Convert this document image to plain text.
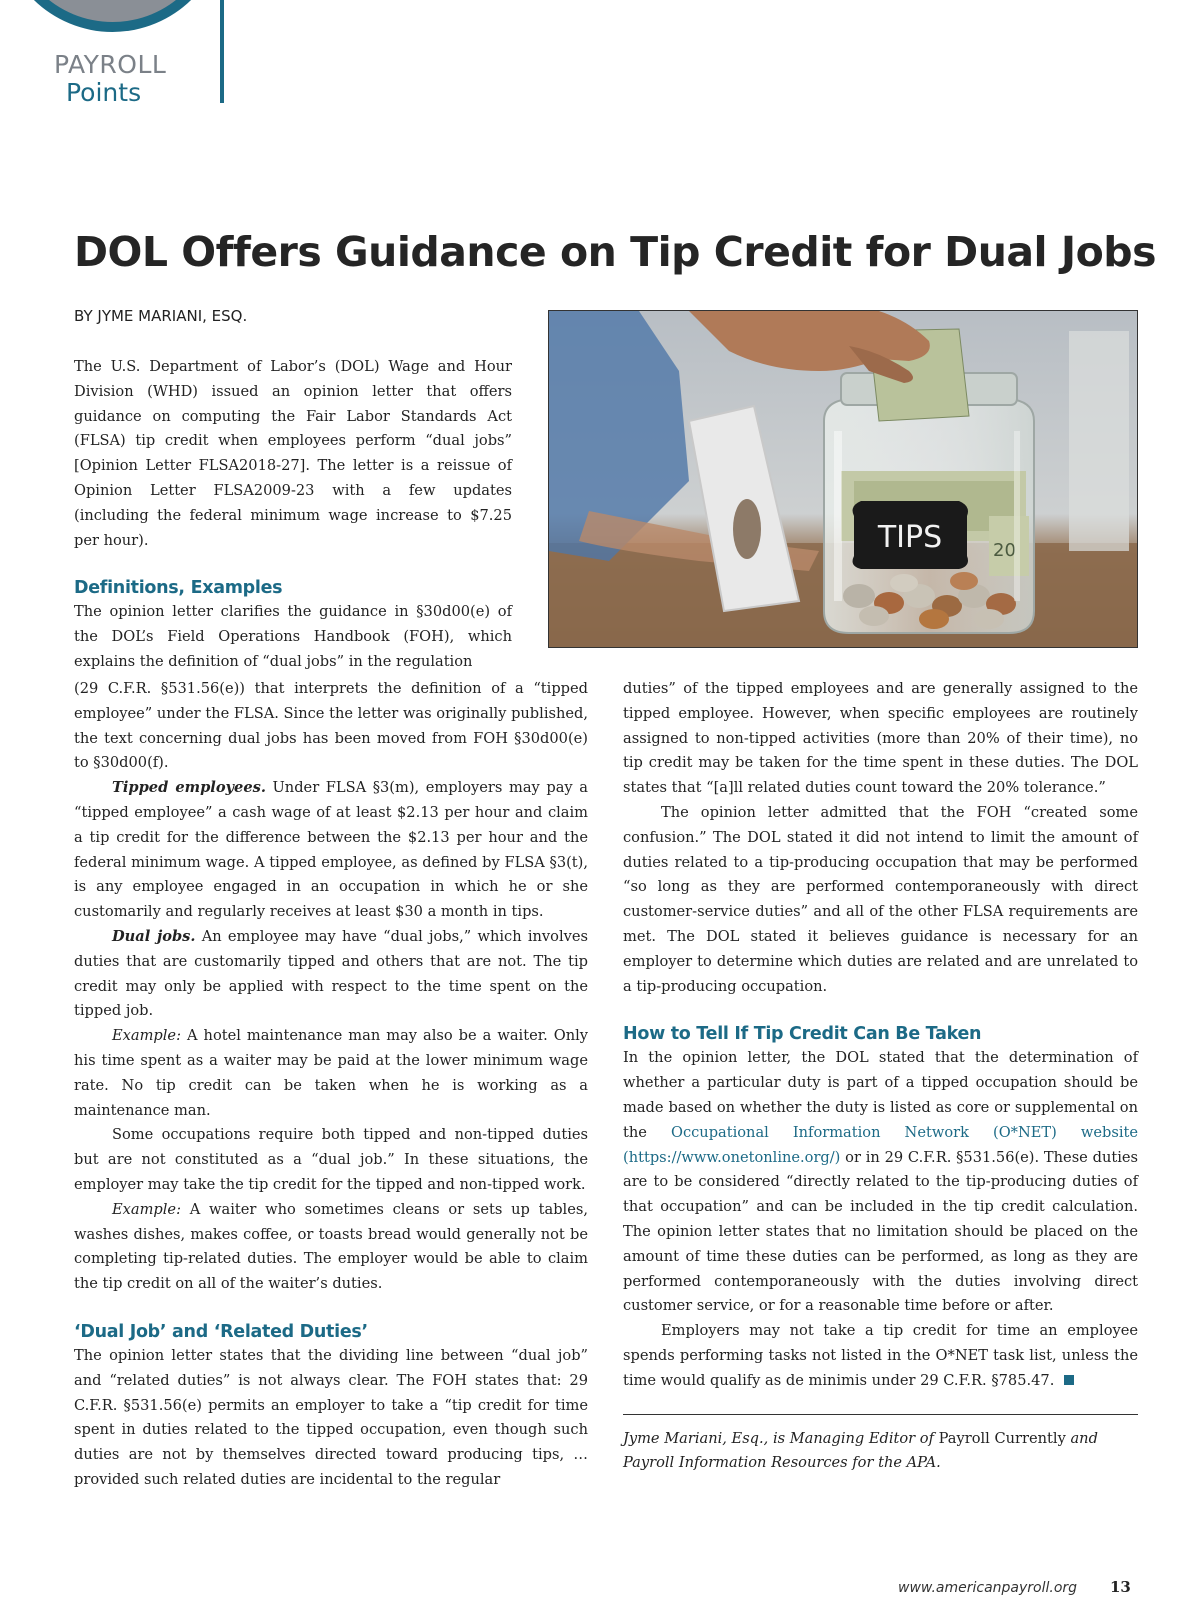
PAYROLL
Points
DOL Offers Guidance on Tip Credit for Dual Jobs
BY JYME MARIANI, ESQ.
20
TIPS

The U.S. Department of Labor’s (DOL) Wage and Hour Division (WHD) issued an opinion letter that offers guidance on computing the Fair Labor Standards Act (FLSA) tip credit when employees perform “dual jobs” [Opinion Letter FLSA2018-27]. The letter is a reissue of Opinion Letter FLSA2009-23 with a few updates (including the federal minimum wage increase to $7.25 per hour).

Definitions, Examples

The opinion letter clarifies the guidance in §30d00(e) of the DOL’s Field Operations Handbook (FOH), which explains the definition of “dual jobs” in the regulation

(29 C.F.R. §531.56(e)) that interprets the definition of a “tipped employee” under the FLSA. Since the letter was originally published, the text concerning dual jobs has been moved from FOH §30d00(e) to §30d00(f).

Tipped employees. Under FLSA §3(m), employers may pay a “tipped employee” a cash wage of at least $2.13 per hour and claim a tip credit for the difference between the $2.13 per hour and the federal minimum wage. A tipped employee, as defined by FLSA §3(t), is any employee engaged in an occupation in which he or she customarily and regularly receives at least $30 a month in tips.

Dual jobs. An employee may have “dual jobs,” which involves duties that are customarily tipped and others that are not. The tip credit may only be applied with respect to the time spent on the tipped job.

Example: A hotel maintenance man may also be a waiter. Only his time spent as a waiter may be paid at the lower minimum wage rate. No tip credit can be taken when he is working as a maintenance man.

Some occupations require both tipped and non-tipped duties but are not constituted as a “dual job.” In these situations, the employer may take the tip credit for the tipped and non-tipped work.

Example: A waiter who sometimes cleans or sets up tables, washes dishes, makes coffee, or toasts bread would generally not be completing tip-related duties. The employer would be able to claim the tip credit on all of the waiter’s duties.

‘Dual Job’ and ‘Related Duties’

The opinion letter states that the dividing line between “dual job” and “related duties” is not always clear. The FOH states that: 29 C.F.R. §531.56(e) permits an employer to take a “tip credit for time spent in duties related to the tipped occupation, even though such duties are not by themselves directed toward producing tips, … provided such related duties are incidental to the regular

duties” of the tipped employees and are generally assigned to the tipped employee. However, when specific employees are routinely assigned to non-tipped activities (more than 20% of their time), no tip credit may be taken for the time spent in these duties. The DOL states that “[a]ll related duties count toward the 20% tolerance.”

The opinion letter admitted that the FOH “created some confusion.” The DOL stated it did not intend to limit the amount of duties related to a tip-producing occupation that may be performed “so long as they are performed contemporaneously with direct customer-service duties” and all of the other FLSA requirements are met. The DOL stated it believes guidance is necessary for an employer to determine which duties are related and are unrelated to a tip-producing occupation.

How to Tell If Tip Credit Can Be Taken

In the opinion letter, the DOL stated that the determination of whether a particular duty is part of a tipped occupation should be made based on whether the duty is listed as core or supplemental on the Occupational Information Network (O*NET) website (https://www.onetonline.org/) or in 29 C.F.R. §531.56(e). These duties are to be considered “directly related to the tip-producing duties of that occupation” and can be included in the tip credit calculation. The opinion letter states that no limitation should be placed on the amount of time these duties can be performed, as long as they are performed contemporaneously with the duties involving direct customer service, or for a reasonable time before or after.

Employers may not take a tip credit for time an employee spends performing tasks not listed in the O*NET task list, unless the time would qualify as de minimis under 29 C.F.R. §785.47.

Jyme Mariani, Esq., is Managing Editor of Payroll Currently and Payroll Information Resources for the APA.

www.americanpayroll.org 13
